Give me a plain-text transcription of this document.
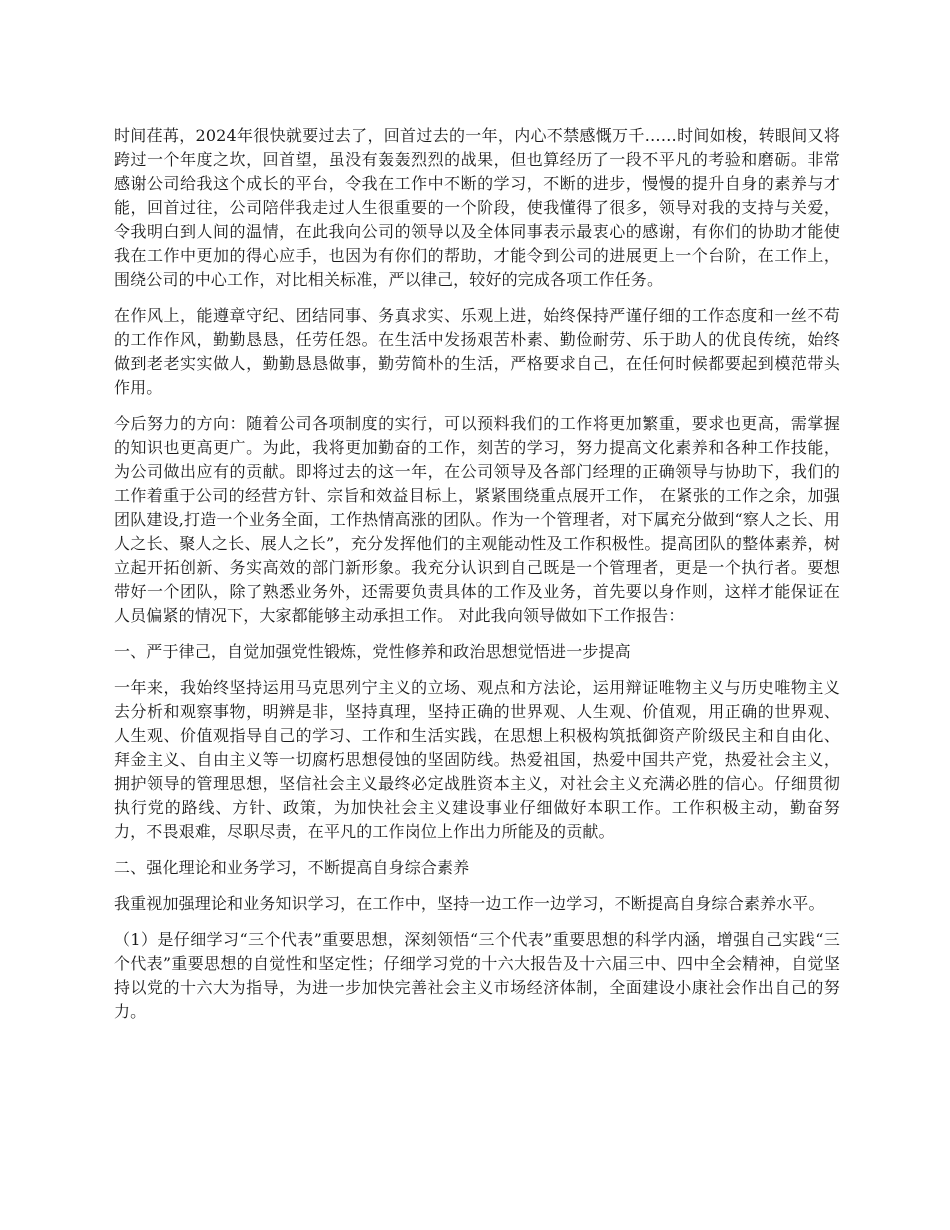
时间荏苒，2024年很快就要过去了，回首过去的一年，内心不禁感慨万千……时间如梭，转眼间又将跨过一个年度之坎，回首望，虽没有轰轰烈烈的战果，但也算经历了一段不平凡的考验和磨砺。非常感谢公司给我这个成长的平台，令我在工作中不断的学习，不断的进步，慢慢的提升自身的素养与才能，回首过往，公司陪伴我走过人生很重要的一个阶段，使我懂得了很多，领导对我的支持与关爱，令我明白到人间的温情，在此我向公司的领导以及全体同事表示最衷心的感谢，有你们的协助才能使我在工作中更加的得心应手，也因为有你们的帮助，才能令到公司的进展更上一个台阶，在工作上，围绕公司的中心工作，对比相关标准，严以律己，较好的完成各项工作任务。

在作风上，能遵章守纪、团结同事、务真求实、乐观上进，始终保持严谨仔细的工作态度和一丝不苟的工作作风，勤勤恳恳，任劳任怨。在生活中发扬艰苦朴素、勤俭耐劳、乐于助人的优良传统，始终做到老老实实做人，勤勤恳恳做事，勤劳简朴的生活，严格要求自己，在任何时候都要起到模范带头作用。

今后努力的方向：随着公司各项制度的实行，可以预料我们的工作将更加繁重，要求也更高，需掌握的知识也更高更广。为此，我将更加勤奋的工作，刻苦的学习，努力提高文化素养和各种工作技能，为公司做出应有的贡献。即将过去的这一年，在公司领导及各部门经理的正确领导与协助下，我们的工作着重于公司的经营方针、宗旨和效益目标上，紧紧围绕重点展开工作， 在紧张的工作之余，加强团队建设,打造一个业务全面，工作热情高涨的团队。作为一个管理者，对下属充分做到“察人之长、用人之长、聚人之长、展人之长”，充分发挥他们的主观能动性及工作积极性。提高团队的整体素养，树立起开拓创新、务实高效的部门新形象。我充分认识到自己既是一个管理者，更是一个执行者。要想带好一个团队，除了熟悉业务外，还需要负责具体的工作及业务，首先要以身作则，这样才能保证在人员偏紧的情况下，大家都能够主动承担工作。 对此我向领导做如下工作报告：

一、严于律己，自觉加强党性锻炼，党性修养和政治思想觉悟进一步提高

一年来，我始终坚持运用马克思列宁主义的立场、观点和方法论，运用辩证唯物主义与历史唯物主义去分析和观察事物，明辨是非，坚持真理，坚持正确的世界观、人生观、价值观，用正确的世界观、人生观、价值观指导自己的学习、工作和生活实践，在思想上积极构筑抵御资产阶级民主和自由化、拜金主义、自由主义等一切腐朽思想侵蚀的坚固防线。热爱祖国，热爱中国共产党，热爱社会主义，拥护领导的管理思想，坚信社会主义最终必定战胜资本主义，对社会主义充满必胜的信心。仔细贯彻执行党的路线、方针、政策，为加快社会主义建设事业仔细做好本职工作。工作积极主动，勤奋努力，不畏艰难，尽职尽责，在平凡的工作岗位上作出力所能及的贡献。

二、强化理论和业务学习，不断提高自身综合素养

我重视加强理论和业务知识学习，在工作中，坚持一边工作一边学习，不断提高自身综合素养水平。

（1）是仔细学习“三个代表”重要思想，深刻领悟“三个代表”重要思想的科学内涵，增强自己实践“三个代表”重要思想的自觉性和坚定性；仔细学习党的十六大报告及十六届三中、四中全会精神，自觉坚持以党的十六大为指导，为进一步加快完善社会主义市场经济体制，全面建设小康社会作出自己的努力。
